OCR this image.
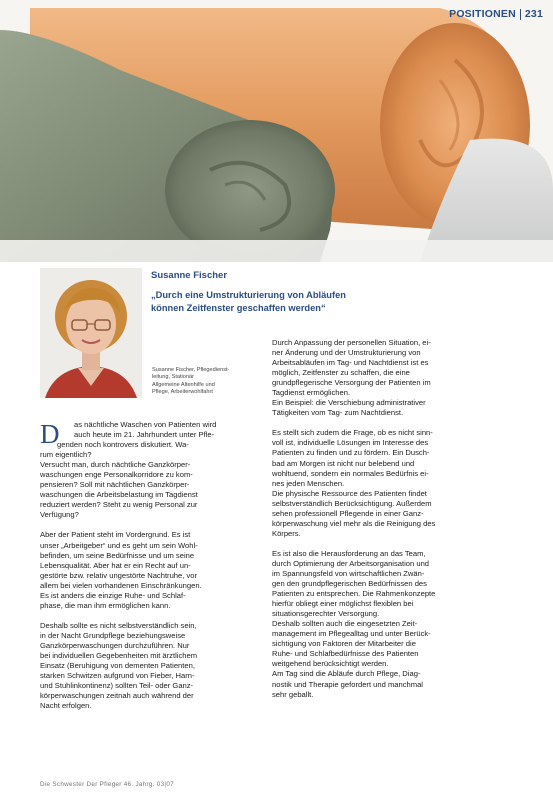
POSITIONEN 231
Susanne Fischer, Pflegedienst-
leitung, Stationär
Allgemeine Altenhilfe und
Pflege, Arbeiterwohlfahrt
Susanne Fischer
„Durch eine Umstrukturierung von Abläufen
können Zeitfenster geschaffen werden“
D	as nächtliche Waschen von Patienten wird
auch heute im 21. Jahrhundert unter Pfle-
genden noch kontrovers diskutiert. Wa-
rum eigentlich?
Versucht man, durch nächtliche Ganzkörper-
waschungen enge Personalkorridore zu kom-
pensieren? Soll mit nächtlichen Ganzkörper-
waschungen die Arbeitsbelastung im Tagdienst
reduziert werden? Steht zu wenig Personal zur
Verfügung?
Aber der Patient steht im Vordergrund. Es ist
unser „Arbeitgeber“ und es geht um sein Wohl-
befinden, um seine Bedürfnisse und um seine
Lebensqualität. Aber hat er ein Recht auf un-
gestörte bzw. relativ ungestörte Nachtruhe, vor
allem bei vielen vorhandenen Einschränkungen.
Es ist anders die einzige Ruhe- und Schlaf-
phase, die man ihm ermöglichen kann.
Deshalb sollte es nicht selbstverständlich sein,
in der Nacht Grundpflege beziehungsweise
Ganzkörperwaschungen durchzuführen. Nur
bei individuellen Gegebenheiten mit ärztlichem
Einsatz (Beruhigung von dementen Patienten,
starken Schwitzen aufgrund von Fieber, Harn-
und Stuhlinkontinenz) sollten Teil- oder Ganz-
körperwaschungen zeitnah auch während der
Nacht erfolgen.
Durch Anpassung der personellen Situation, ei-
ner Änderung und der Umstrukturierung von
Arbeitsabläufen im Tag- und Nachtdienst ist es
möglich, Zeitfenster zu schaffen, die eine
grundpflegerische Versorgung der Patienten im
Tagdienst ermöglichen.
Ein Beispiel: die Verschiebung administrativer
Tätigkeiten vom Tag- zum Nachtdienst.
Es stellt sich zudem die Frage, ob es nicht sinn-
voll ist, individuelle Lösungen im Interesse des
Patienten zu finden und zu fördern. Ein Dusch-
bad am Morgen ist nicht nur belebend und
wohltuend, sondern ein normales Bedürfnis ei-
nes jeden Menschen.
Die physische Ressource des Patienten findet
selbstverständlich Berücksichtigung. Außerdem
sehen professionell Pflegende in einer Ganz-
körperwaschung viel mehr als die Reinigung des
Körpers.
Es ist also die Herausforderung an das Team,
durch Optimierung der Arbeitsorganisation und
im Spannungsfeld von wirtschaftlichen Zwän-
gen den grundpflegerischen Bedürfnissen des
Patienten zu entsprechen. Die Rahmenkonzepte
hierfür obliegt einer möglichst flexiblen bei
situationsgerechter Versorgung.
Deshalb sollten auch die eingesetzten Zeit-
management im Pflegealltag und unter Berück-
sichtigung von Faktoren der Mitarbeiter die
Ruhe- und Schlafbedürfnisse des Patienten
weitgehend berücksichtigt werden.
Am Tag sind die Abläufe durch Pflege, Diag-
nostik und Therapie gefordert und manchmal
sehr geballt.
Die Schwester Der Pfleger 46. Jahrg. 03|07
